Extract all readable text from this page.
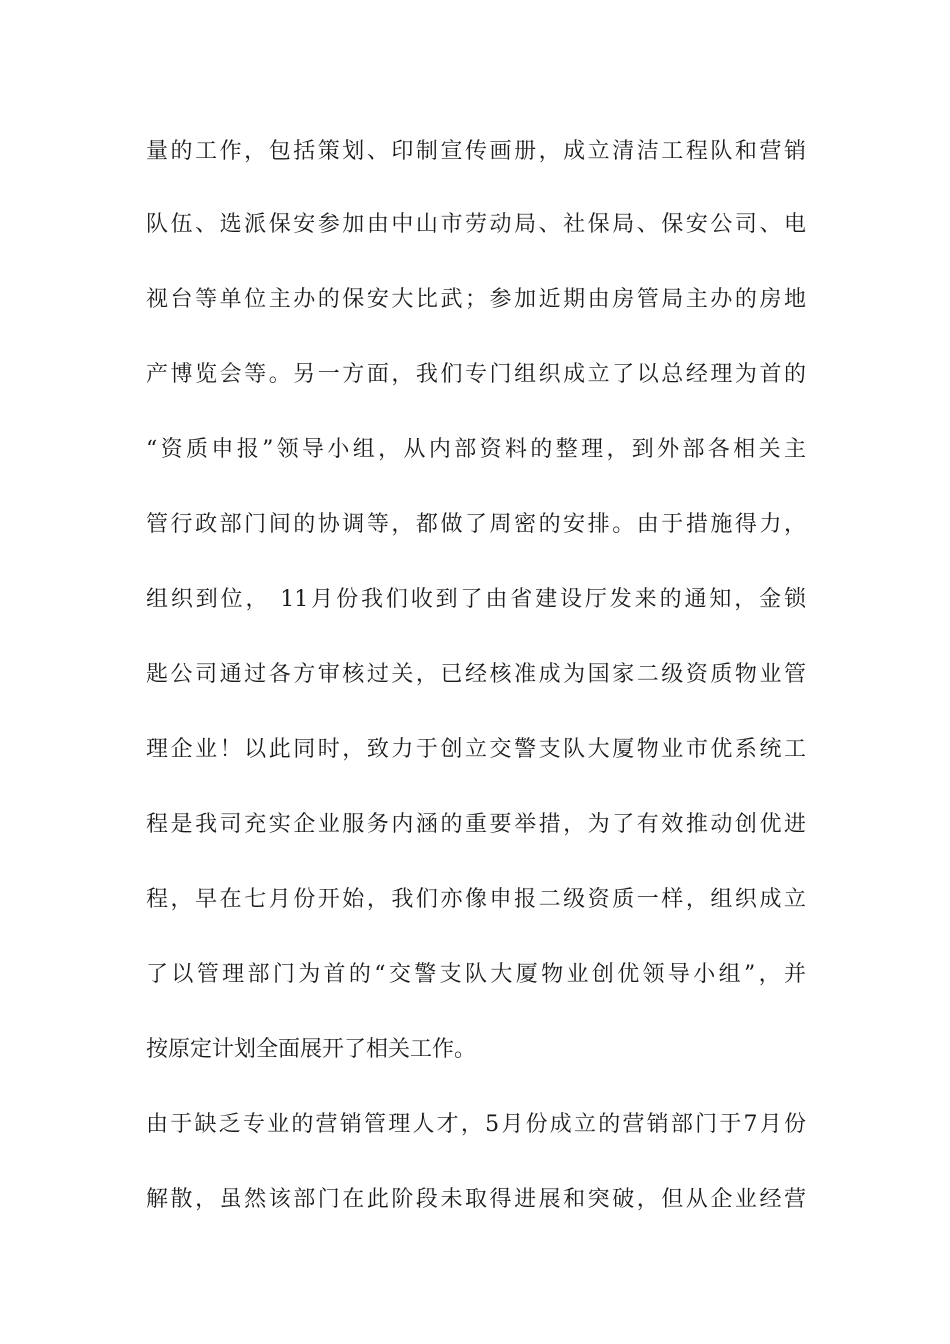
量的工作，包括策划、印制宣传画册，成立清洁工程队和营销
队伍、选派保安参加由中山市劳动局、社保局、保安公司、电
视台等单位主办的保安大比武；参加近期由房管局主办的房地
产博览会等。另一方面，我们专门组织成立了以总经理为首的
“资质申报”领导小组，从内部资料的整理，到外部各相关主
管行政部门间的协调等，都做了周密的安排。由于措施得力，
组织到位， 11月份我们收到了由省建设厅发来的通知，金锁
匙公司通过各方审核过关，已经核准成为国家二级资质物业管
理企业！以此同时，致力于创立交警支队大厦物业市优系统工
程是我司充实企业服务内涵的重要举措，为了有效推动创优进
程，早在七月份开始，我们亦像申报二级资质一样，组织成立
了以管理部门为首的“交警支队大厦物业创优领导小组”，并
按原定计划全面展开了相关工作。
由于缺乏专业的营销管理人才，5月份成立的营销部门于7月份
解散，虽然该部门在此阶段未取得进展和突破，但从企业经营
